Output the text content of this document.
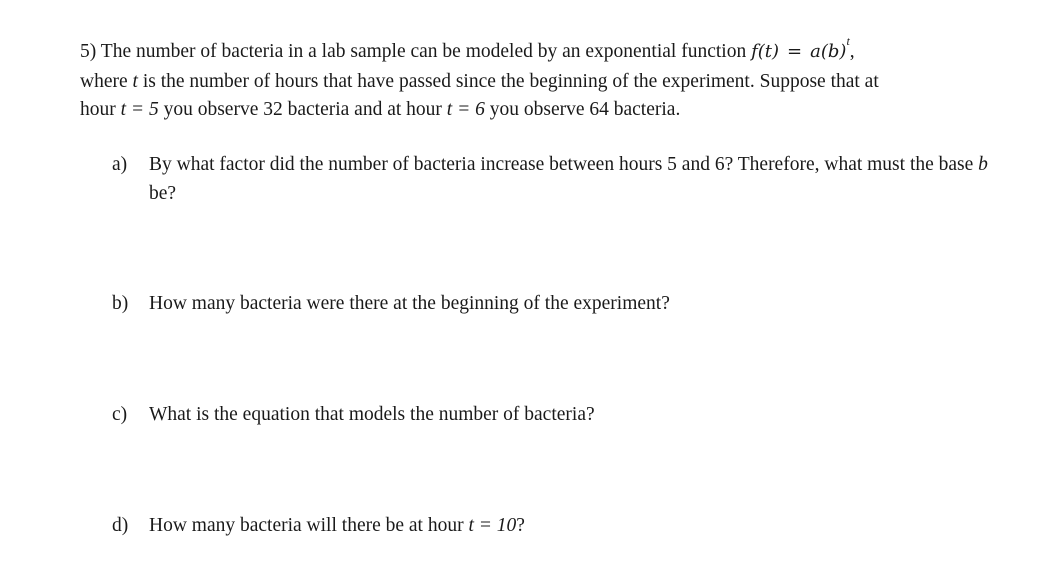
5) The number of bacteria in a lab sample can be modeled by an exponential function $f(t) = a(b)^t$,
where t is the number of hours that have passed since the beginning of the experiment. Suppose that at
hour t = 5 you observe 32 bacteria and at hour t = 6 you observe 64 bacteria.
a) By what factor did the number of bacteria increase between hours 5 and 6? Therefore, what must the base b be?
b) How many bacteria were there at the beginning of the experiment?
c) What is the equation that models the number of bacteria?
d) How many bacteria will there be at hour t = 10?
